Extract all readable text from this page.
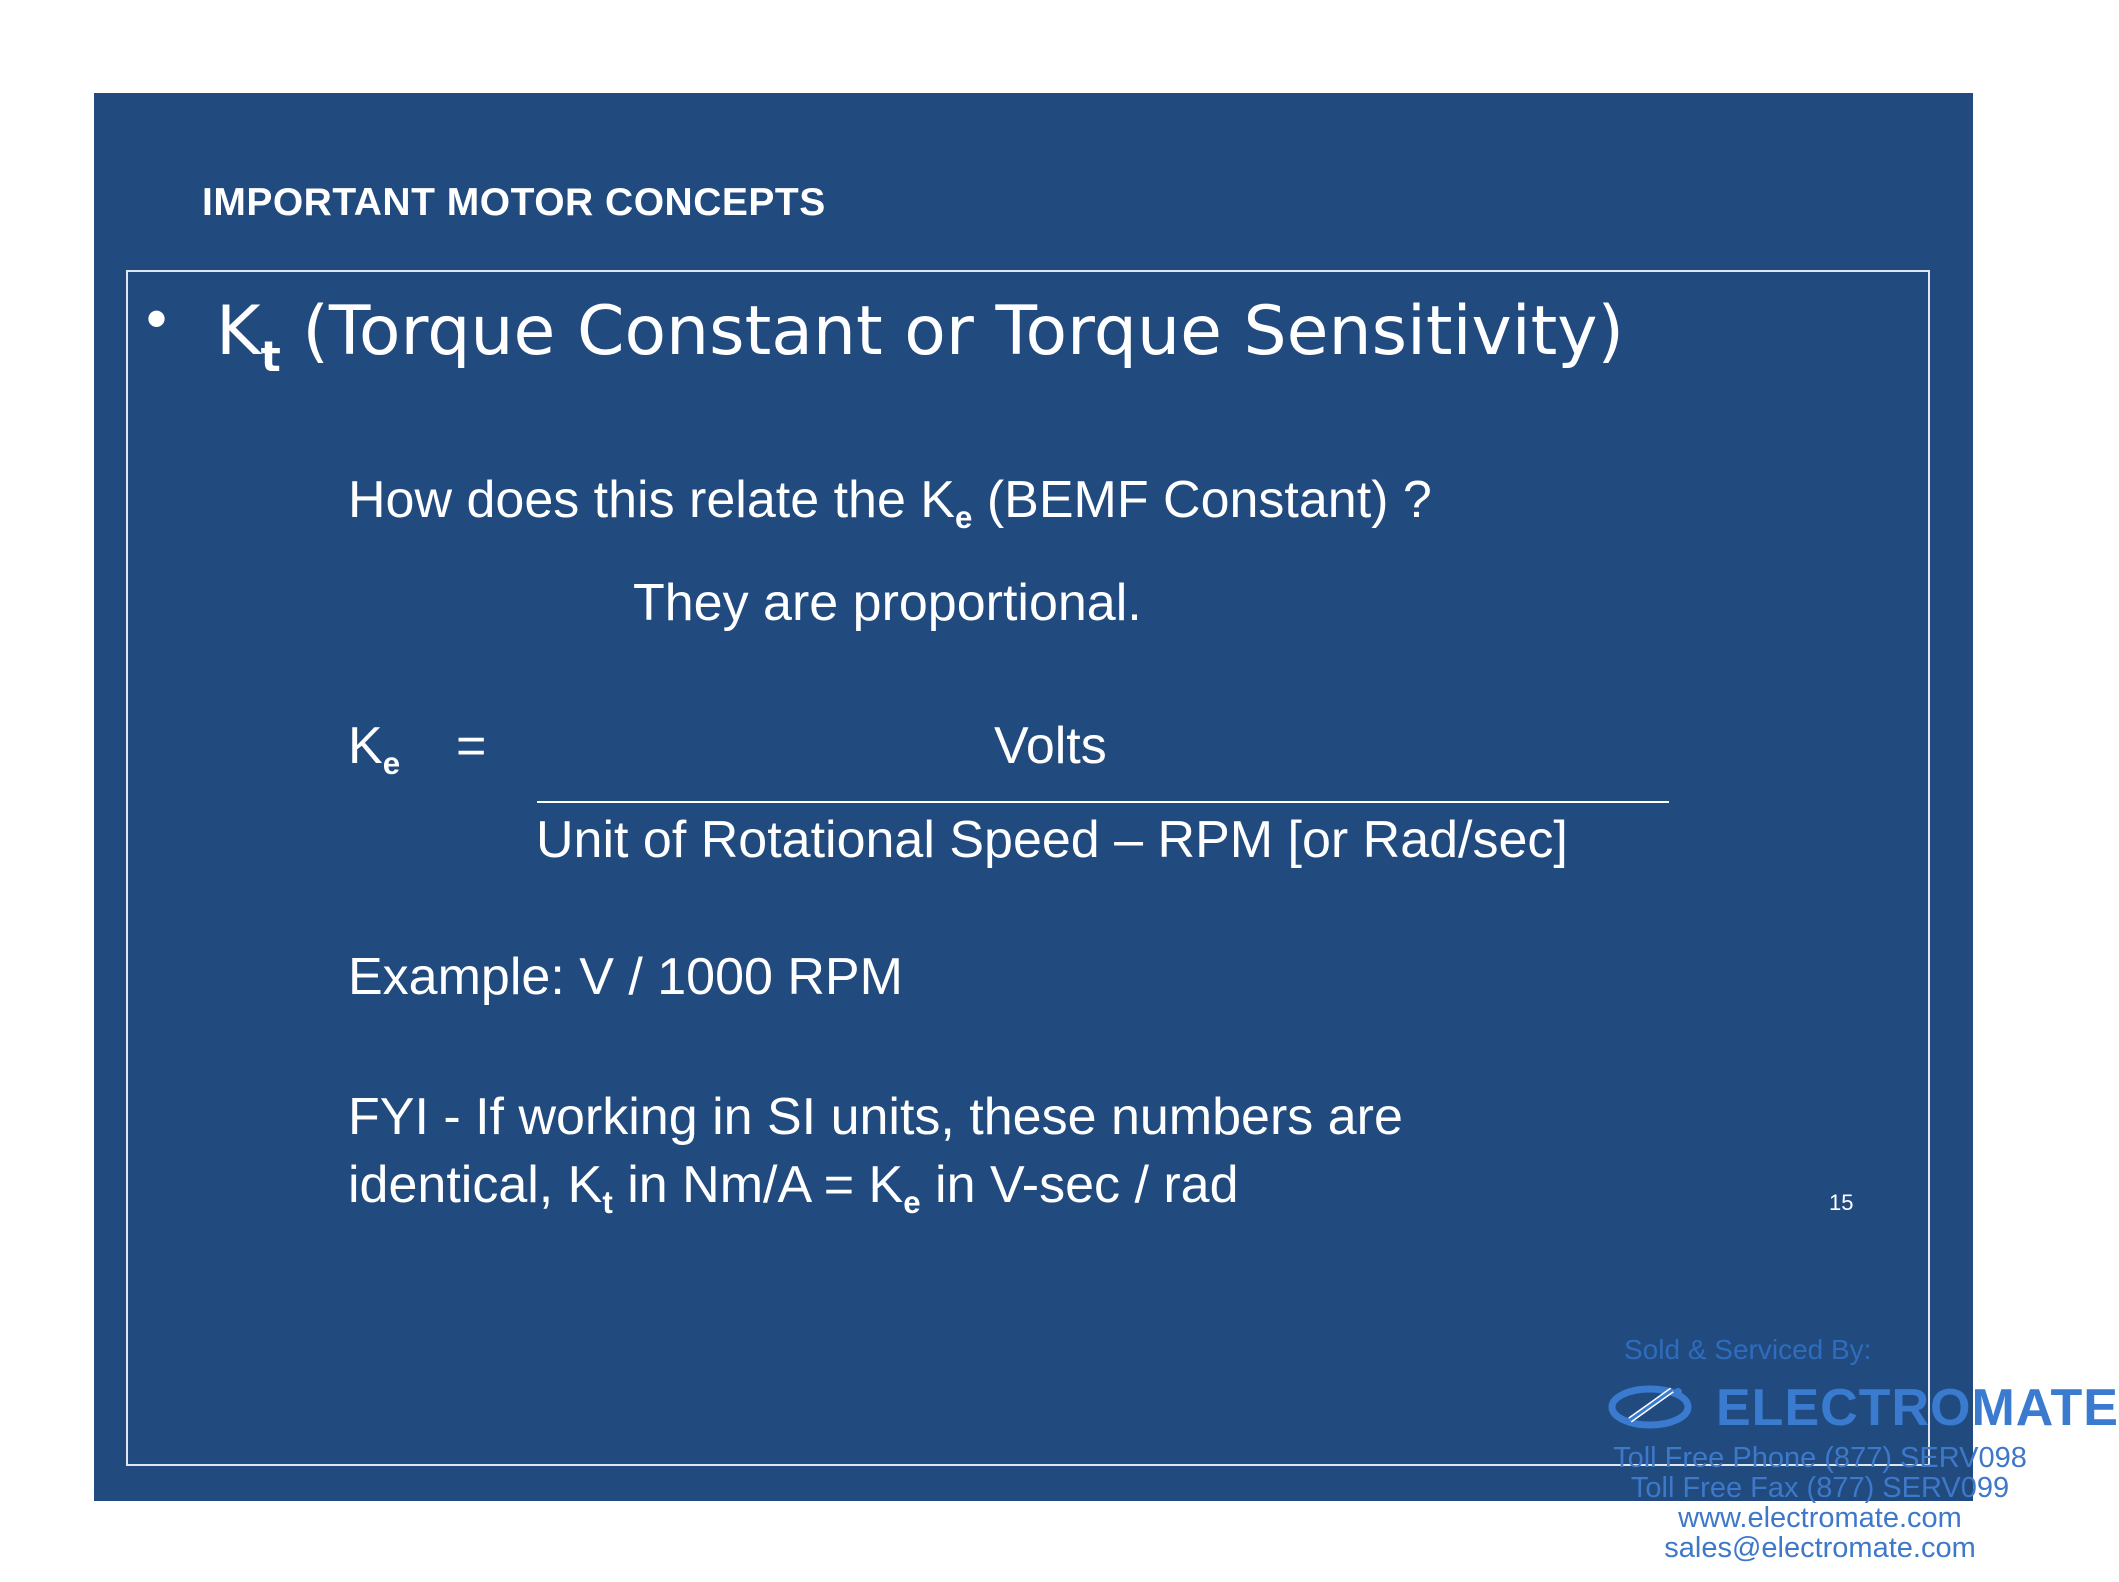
IMPORTANT MOTOR CONCEPTS
• $K_t$ (Torque Constant or Torque Sensitivity)

How does this relate the $K_e$ (BEMF Constant) ?

They are proportional.

$K_e$ =	Volts

Unit of Rotational Speed – RPM [or Rad/sec]

Example: V / 1000 RPM

FYI - If working in SI units, these numbers are

identical, $K_t$ in $Nm/A = K_e$ in V-sec / rad	15
Sold & Serviced By:
ELECTROMATE
Toll Free Phone (877) SERV098
Toll Free Fax (877) SERV099
www.electromate.com
sales@electromate.com
